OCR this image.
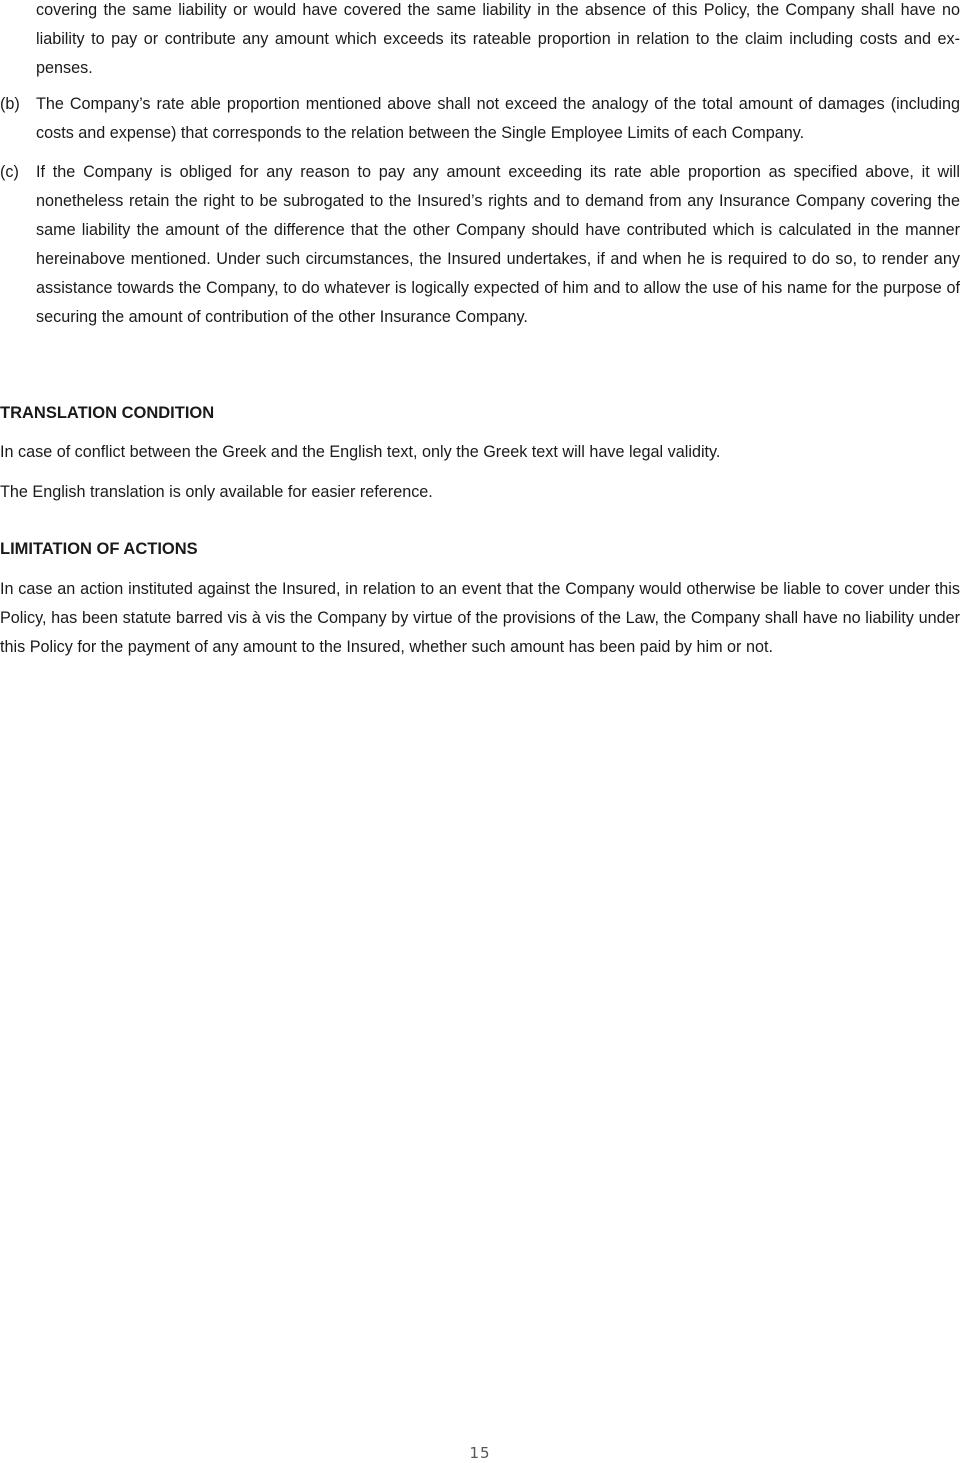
covering the same liability or would have covered the same liability in the absence of this Policy, the Company shall have no liability to pay or contribute any amount which exceeds its rateable proportion in relation to the claim including costs and expenses.

(b)	The Company’s rate able proportion mentioned above shall not exceed the analogy of the total amount of damages (including costs and expense) that corresponds to the relation between the Single Employee Limits of each Company.

(c)	If the Company is obliged for any reason to pay any amount exceeding its rate able proportion as specified above, it will nonetheless retain the right to be subrogated to the Insured’s rights and to demand from any Insurance Company covering the same liability the amount of the difference that the other Company should have contributed which is calculated in the manner hereinabove mentioned. Under such circumstances, the Insured undertakes, if and when he is required to do so, to render any assistance towards the Company, to do whatever is logically expected of him and to allow the use of his name for the purpose of securing the amount of contribution of the other Insurance Company.

TRANSLATION CONDITION

In case of conflict between the Greek and the English text, only the Greek text will have legal validity.

The English translation is only available for easier reference.

LIMITATION OF ACTIONS

In case an action instituted against the Insured, in relation to an event that the Company would otherwise be liable to cover under this Policy, has been statute barred vis à vis the Company by virtue of the provisions of the Law, the Company shall have no liability under this Policy for the payment of any amount to the Insured, whether such amount has been paid by him or not.

15
